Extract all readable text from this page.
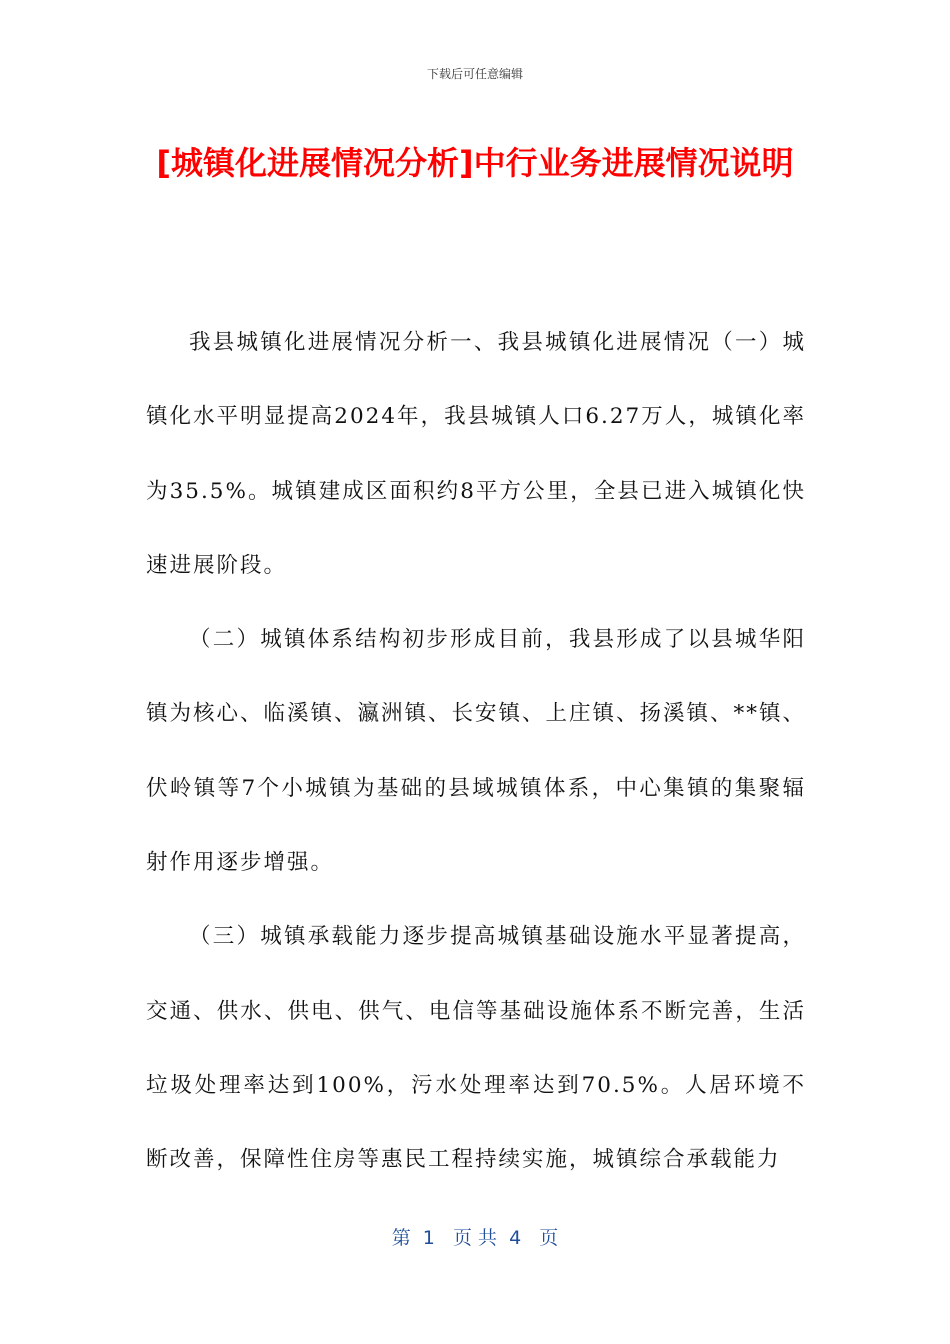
下载后可任意编辑
[城镇化进展情况分析]中行业务进展情况说明

我县城镇化进展情况分析一、我县城镇化进展情况（一）城镇化水平明显提高2024年，我县城镇人口6.27万人，城镇化率为35.5%。城镇建成区面积约8平方公里，全县已进入城镇化快速进展阶段。

（二）城镇体系结构初步形成目前，我县形成了以县城华阳镇为核心、临溪镇、瀛洲镇、长安镇、上庄镇、扬溪镇、**镇、伏岭镇等7个小城镇为基础的县域城镇体系，中心集镇的集聚辐射作用逐步增强。

（三）城镇承载能力逐步提高城镇基础设施水平显著提高，交通、供水、供电、供气、电信等基础设施体系不断完善，生活垃圾处理率达到100%，污水处理率达到70.5%。人居环境不断改善，保障性住房等惠民工程持续实施，城镇综合承载能力

第  1   页 共  4   页
